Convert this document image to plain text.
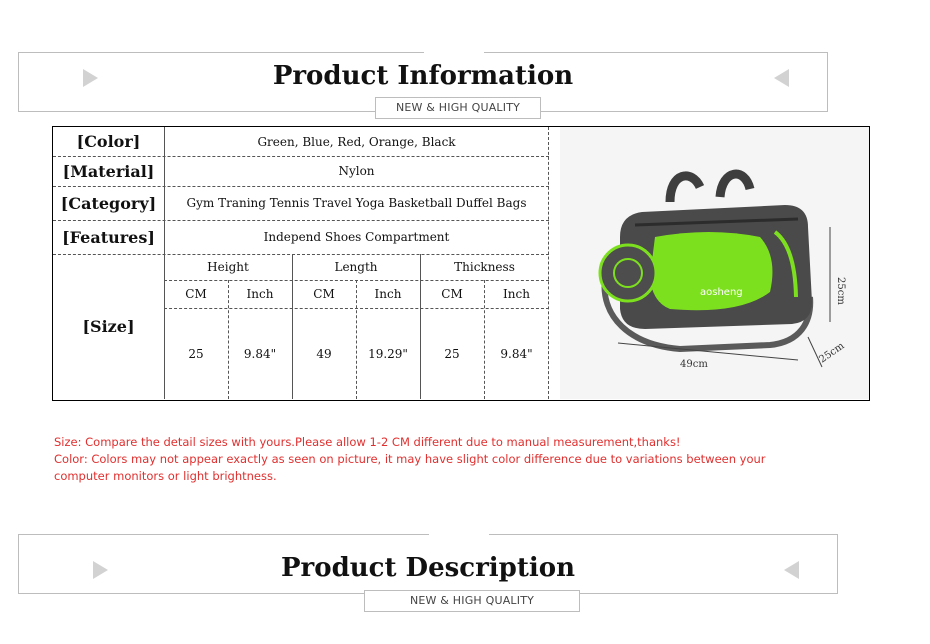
Product Information
NEW & HIGH QUALITY
[Color]	Green, Blue, Red, Orange, Black
[Material]	Nylon
[Category]	Gym Traning Tennis Travel Yoga Basketball Duffel Bags
[Features]	Independ Shoes Compartment
[Size]
Height	Length	Thickness
CM	Inch	CM	Inch	CM	Inch
25	9.84"	49	19.29"	25	9.84"
aosheng
49cm
25cm
25cm
Size: Compare the detail sizes with yours.Please allow 1-2 CM different due to manual measurement,thanks!
Color: Colors may not appear exactly as seen on picture, it may have slight color difference due to variations between your computer monitors or light brightness.
Product Description
NEW & HIGH QUALITY
